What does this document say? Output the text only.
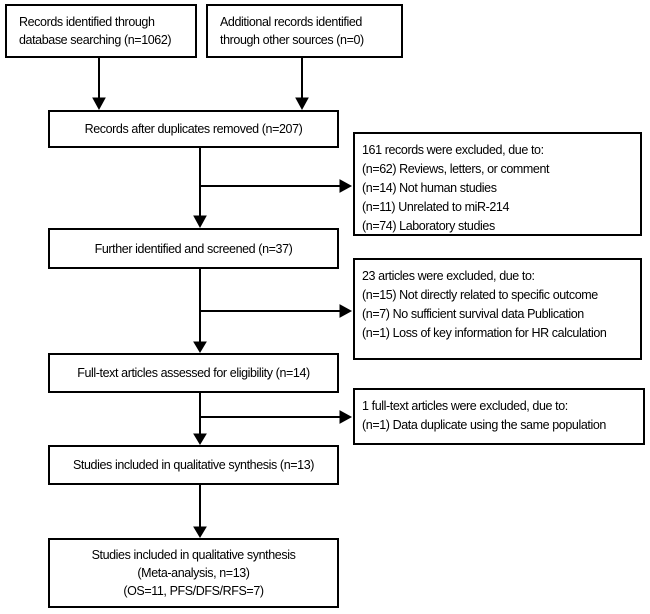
Records identified through
database searching (n=1062)
Additional records identified
through other sources (n=0)
Records after duplicates removed (n=207)
Further identified and screened (n=37)
Full-text articles assessed for eligibility (n=14)
Studies included in qualitative synthesis (n=13)
Studies included in qualitative synthesis
(Meta-analysis, n=13)
(OS=11, PFS/DFS/RFS=7)
161 records were excluded, due to:
(n=62) Reviews, letters, or comment
(n=14) Not human studies
(n=11) Unrelated to miR-214
(n=74) Laboratory studies
23 articles were excluded, due to:
(n=15) Not directly related to specific outcome
(n=7) No sufficient survival data Publication
(n=1) Loss of key information for HR calculation
1 full-text articles were excluded, due to:
(n=1) Data duplicate using the same population
